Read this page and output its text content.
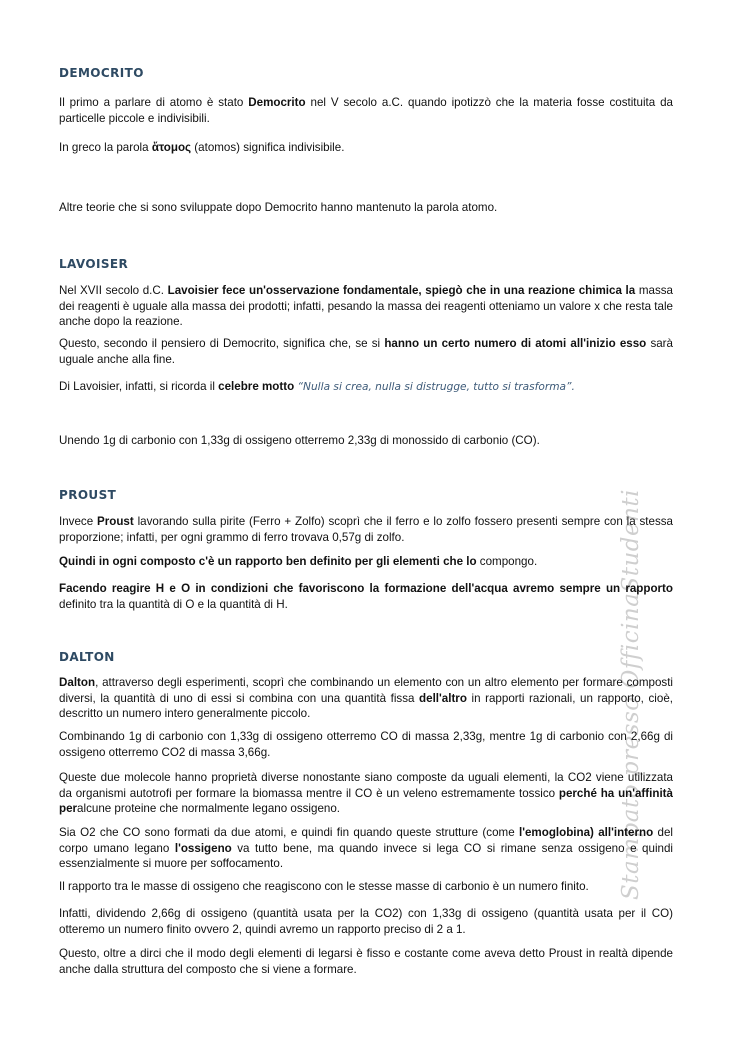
Stampato presso OfficinaStudenti
DEMOCRITO

Il primo a parlare di atomo è stato Democrito nel V secolo a.C. quando ipotizzò che la materia fosse costituita da particelle piccole e indivisibili.

In greco la parola ἄτομος (atomos) significa indivisibile.

Altre teorie che si sono sviluppate dopo Democrito hanno mantenuto la parola atomo.

LAVOISER

Nel XVII secolo d.C. Lavoisier fece un'osservazione fondamentale, spiegò che in una reazione chimica la massa dei reagenti è uguale alla massa dei prodotti; infatti, pesando la massa dei reagenti otteniamo un valore x che resta tale anche dopo la reazione.

Questo, secondo il pensiero di Democrito, significa che, se si hanno un certo numero di atomi all'inizio esso sarà uguale anche alla fine.

Di Lavoisier, infatti, si ricorda il celebre motto “Nulla si crea, nulla si distrugge, tutto si trasforma”.

Unendo 1g di carbonio con 1,33g di ossigeno otterremo 2,33g di monossido di carbonio (CO).

PROUST

Invece Proust lavorando sulla pirite (Ferro + Zolfo) scoprì che il ferro e lo zolfo fossero presenti sempre con la stessa proporzione; infatti, per ogni grammo di ferro trovava 0,57g di zolfo.

Quindi in ogni composto c'è un rapporto ben definito per gli elementi che lo compongo.

Facendo reagire H e O in condizioni che favoriscono la formazione dell'acqua avremo sempre un rapporto definito tra la quantità di O e la quantità di H.

DALTON

Dalton, attraverso degli esperimenti, scoprì che combinando un elemento con un altro elemento per formare composti diversi, la quantità di uno di essi si combina con una quantità fissa dell'altro in rapporti razionali, un rapporto, cioè, descritto un numero intero generalmente piccolo.

Combinando 1g di carbonio con 1,33g di ossigeno otterremo CO di massa 2,33g, mentre 1g di carbonio con 2,66g di ossigeno otterremo CO2 di massa 3,66g.

Queste due molecole hanno proprietà diverse nonostante siano composte da uguali elementi, la CO2 viene utilizzata da organismi autotrofi per formare la biomassa mentre il CO è un veleno estremamente tossico perché ha un'affinità peralcune proteine che normalmente legano ossigeno.

Sia O2 che CO sono formati da due atomi, e quindi fin quando queste strutture (come l'emoglobina) all'interno del corpo umano legano l'ossigeno va tutto bene, ma quando invece si lega CO si rimane senza ossigeno e quindi essenzialmente si muore per soffocamento.

Il rapporto tra le masse di ossigeno che reagiscono con le stesse masse di carbonio è un numero finito.

Infatti, dividendo 2,66g di ossigeno (quantità usata per la CO2) con 1,33g di ossigeno (quantità usata per il CO) otteremo un numero finito ovvero 2, quindi avremo un rapporto preciso di 2 a 1.

Questo, oltre a dirci che il modo degli elementi di legarsi è fisso e costante come aveva detto Proust in realtà dipende anche dalla struttura del composto che si viene a formare.
